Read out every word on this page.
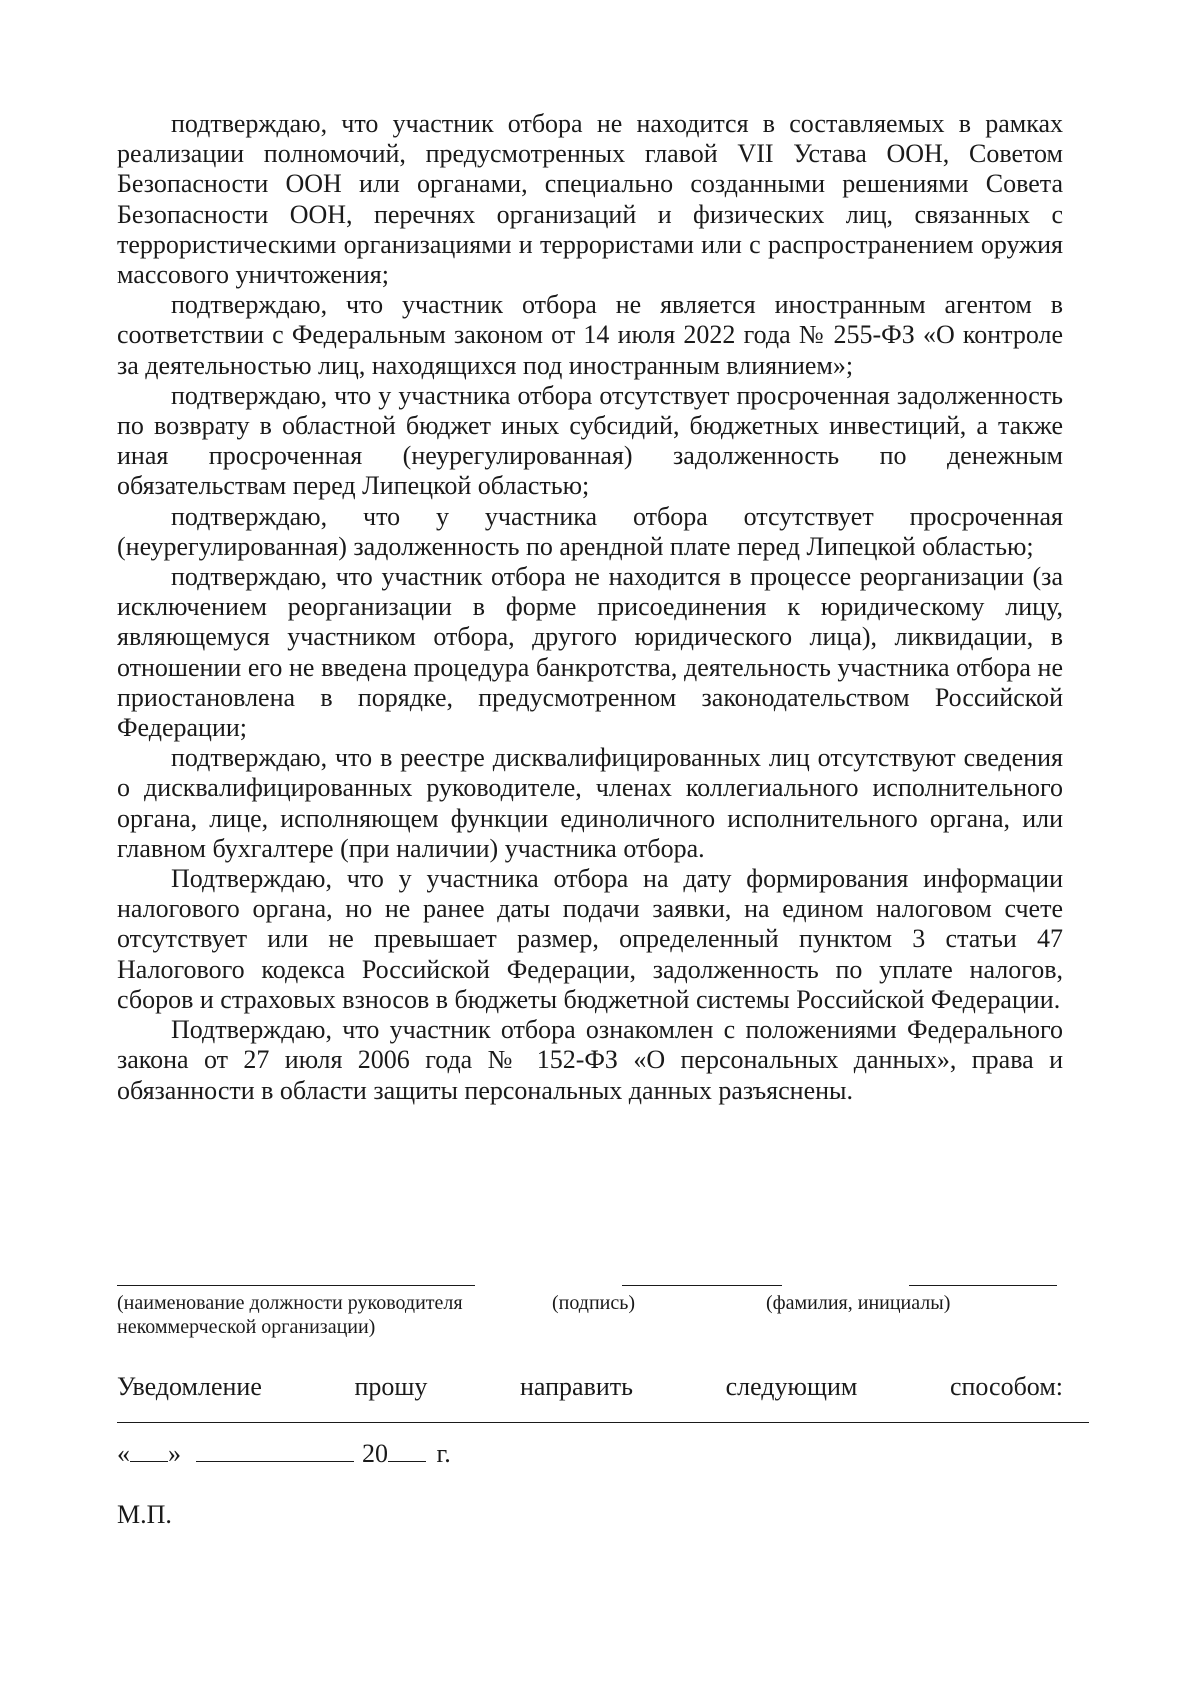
подтверждаю, что участник отбора не находится в составляемых в рамках реализации полномочий, предусмотренных главой VII Устава ООН, Советом Безопасности ООН или органами, специально созданными решениями Совета Безопасности ООН, перечнях организаций и физических лиц, связанных с террористическими организациями и террористами или с распространением оружия массового уничтожения;

подтверждаю, что участник отбора не является иностранным агентом в соответствии с Федеральным законом от 14 июля 2022 года № 255-ФЗ «О контроле за деятельностью лиц, находящихся под иностранным влиянием»;

подтверждаю, что у участника отбора отсутствует просроченная задолженность по возврату в областной бюджет иных субсидий, бюджетных инвестиций, а также иная просроченная (неурегулированная) задолженность по денежным обязательствам перед Липецкой областью;

подтверждаю, что у участника отбора отсутствует просроченная (неурегулированная) задолженность по арендной плате перед Липецкой областью;

подтверждаю, что участник отбора не находится в процессе реорганизации (за исключением реорганизации в форме присоединения к юридическому лицу, являющемуся участником отбора, другого юридического лица), ликвидации, в отношении его не введена процедура банкротства, деятельность участника отбора не приостановлена в порядке, предусмотренном законодательством Российской Федерации;

подтверждаю, что в реестре дисквалифицированных лиц отсутствуют сведения о дисквалифицированных руководителе, членах коллегиального исполнительного органа, лице, исполняющем функции единоличного исполнительного органа, или главном бухгалтере (при наличии) участника отбора.

Подтверждаю, что у участника отбора на дату формирования информации налогового органа, но не ранее даты подачи заявки, на едином налоговом счете отсутствует или не превышает размер, определенный пунктом 3 статьи 47 Налогового кодекса Российской Федерации, задолженность по уплате налогов, сборов и страховых взносов в бюджеты бюджетной системы Российской Федерации.

Подтверждаю, что участник отбора ознакомлен с положениями Федерального закона от 27 июля 2006 года № 152-ФЗ «О персональных данных», права и обязанности в области защиты персональных данных разъяснены.

(наименование должности руководителя
некоммерческой организации)
(подпись)	(фамилия, инициалы)
Уведомление	прошу	направить	следующим	способом:
« »	20 г.
М.П.
